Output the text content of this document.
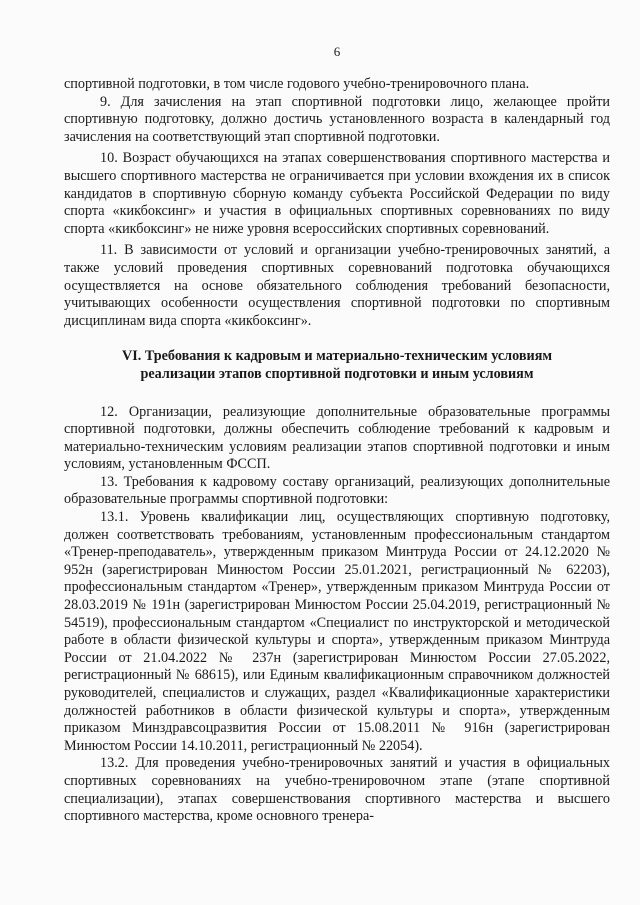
6

спортивной подготовки, в том числе годового учебно-тренировочного плана.

9. Для зачисления на этап спортивной подготовки лицо, желающее пройти спортивную подготовку, должно достичь установленного возраста в календарный год зачисления на соответствующий этап спортивной подготовки.

10. Возраст обучающихся на этапах совершенствования спортивного мастерства и высшего спортивного мастерства не ограничивается при условии вхождения их в список кандидатов в спортивную сборную команду субъекта Российской Федерации по виду спорта «кикбоксинг» и участия в официальных спортивных соревнованиях по виду спорта «кикбоксинг» не ниже уровня всероссийских спортивных соревнований.

11. В зависимости от условий и организации учебно-тренировочных занятий, а также условий проведения спортивных соревнований подготовка обучающихся осуществляется на основе обязательного соблюдения требований безопасности, учитывающих особенности осуществления спортивной подготовки по спортивным дисциплинам вида спорта «кикбоксинг».

VI. Требования к кадровым и материально-техническим условиям реализации этапов спортивной подготовки и иным условиям

12. Организации, реализующие дополнительные образовательные программы спортивной подготовки, должны обеспечить соблюдение требований к кадровым и материально-техническим условиям реализации этапов спортивной подготовки и иным условиям, установленным ФССП.

13. Требования к кадровому составу организаций, реализующих дополнительные образовательные программы спортивной подготовки:

13.1. Уровень квалификации лиц, осуществляющих спортивную подготовку, должен соответствовать требованиям, установленным профессиональным стандартом «Тренер-преподаватель», утвержденным приказом Минтруда России от 24.12.2020 № 952н (зарегистрирован Минюстом России 25.01.2021, регистрационный № 62203), профессиональным стандартом «Тренер», утвержденным приказом Минтруда России от 28.03.2019 № 191н (зарегистрирован Минюстом России 25.04.2019, регистрационный № 54519), профессиональным стандартом «Специалист по инструкторской и методической работе в области физической культуры и спорта», утвержденным приказом Минтруда России от 21.04.2022 № 237н (зарегистрирован Минюстом России 27.05.2022, регистрационный № 68615), или Единым квалификационным справочником должностей руководителей, специалистов и служащих, раздел «Квалификационные характеристики должностей работников в области физической культуры и спорта», утвержденным приказом Минздравсоцразвития России от 15.08.2011 № 916н (зарегистрирован Минюстом России 14.10.2011, регистрационный № 22054).

13.2. Для проведения учебно-тренировочных занятий и участия в официальных спортивных соревнованиях на учебно-тренировочном этапе (этапе спортивной специализации), этапах совершенствования спортивного мастерства и высшего спортивного мастерства, кроме основного тренера-
